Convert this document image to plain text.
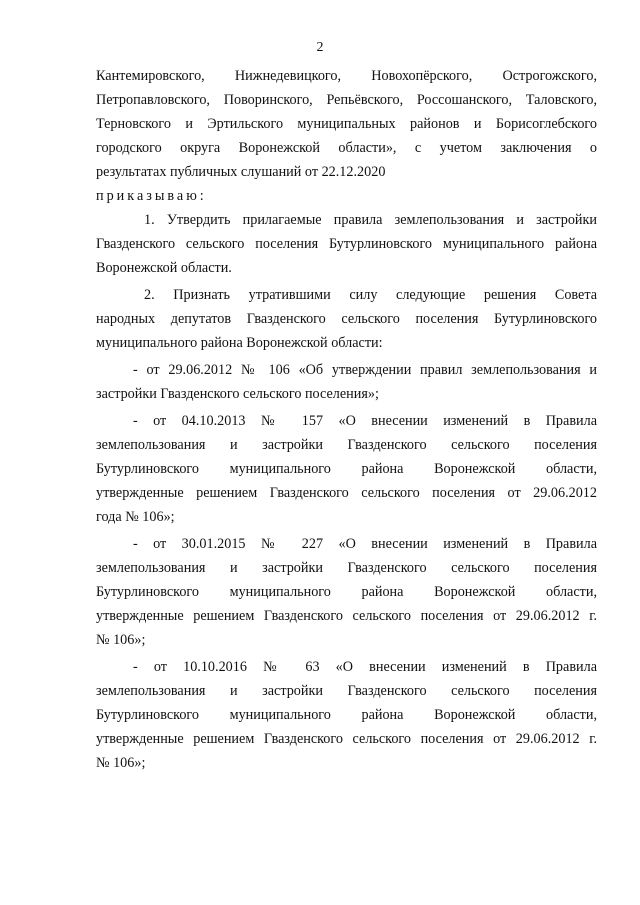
2
Кантемировского, Нижнедевицкого, Новохопёрского, Острогожского,
Петропавловского, Поворинского, Репьёвского, Россошанского, Таловского,
Терновского и Эртильского муниципальных районов и Борисоглебского
городского округа Воронежской области», с учетом заключения о
результатах публичных слушаний от 22.12.2020
приказываю:
1. Утвердить прилагаемые правила землепользования и застройки
Гвазденского сельского поселения Бутурлиновского муниципального района
Воронежской области.
2. Признать утратившими силу следующие решения Совета
народных депутатов Гвазденского сельского поселения Бутурлиновского
муниципального района Воронежской области:
- от 29.06.2012 № 106 «Об утверждении правил землепользования и
застройки Гвазденского сельского поселения»;
- от 04.10.2013 № 157 «О внесении изменений в Правила
землепользования и застройки Гвазденского сельского поселения
Бутурлиновского муниципального района Воронежской области,
утвержденные решением Гвазденского сельского поселения от 29.06.2012
года № 106»;
- от 30.01.2015 № 227 «О внесении изменений в Правила
землепользования и застройки Гвазденского сельского поселения
Бутурлиновского муниципального района Воронежской области,
утвержденные решением Гвазденского сельского поселения от 29.06.2012 г.
№ 106»;
- от 10.10.2016 № 63 «О внесении изменений в Правила
землепользования и застройки Гвазденского сельского поселения
Бутурлиновского муниципального района Воронежской области,
утвержденные решением Гвазденского сельского поселения от 29.06.2012 г.
№ 106»;
